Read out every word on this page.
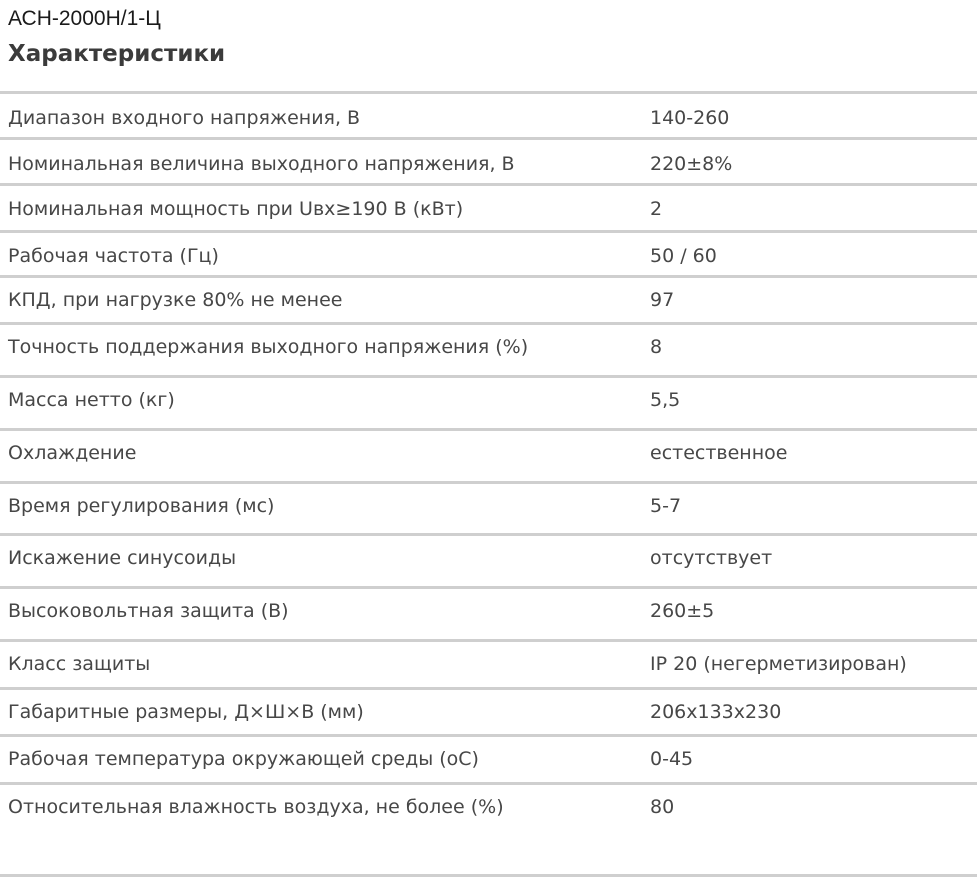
АСН-2000Н/1-Ц
Характеристики
Диапазон входного напряжения, В	140-260
Номинальная величина выходного напряжения, В	220±8%
Номинальная мощность при Uвх≥190 В (кВт)	2
Рабочая частота (Гц)	50 / 60
КПД, при нагрузке 80% не менее	97
Точность поддержания выходного напряжения (%)	8
Масса нетто (кг)	5,5
Охлаждение	естественное
Время регулирования (мс)	5-7
Искажение синусоиды	отсутствует
Высоковольтная защита (В)	260±5
Класс защиты	IP 20 (негерметизирован)
Габаритные размеры, Д×Ш×В (мм)	206x133x230
Рабочая температура окружающей среды (оС)	0-45
Относительная влажность воздуха, не более (%)	80
